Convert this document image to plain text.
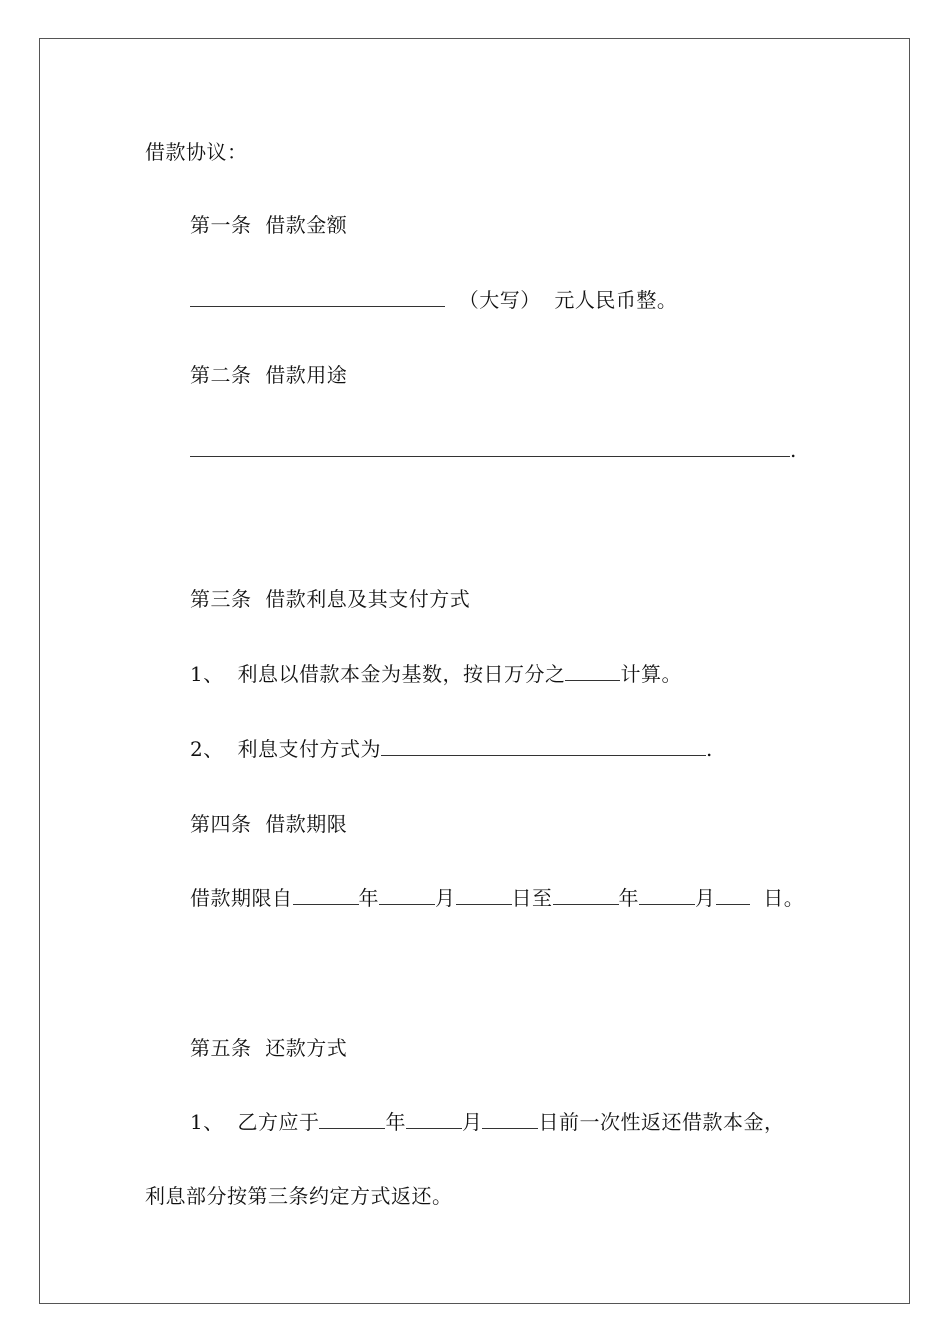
借款协议：
第一条  借款金额
（大写）  元人民币整。
第二条  借款用途
.
第三条  借款利息及其支付方式
1、  利息以借款本金为基数，按日万分之	计算。
2、  利息支付方式为	.
第四条  借款期限
借款期限自	年	月	日至	年	月  日。
第五条  还款方式
1、  乙方应于	年	月	日前一次性返还借款本金，
利息部分按第三条约定方式返还。
